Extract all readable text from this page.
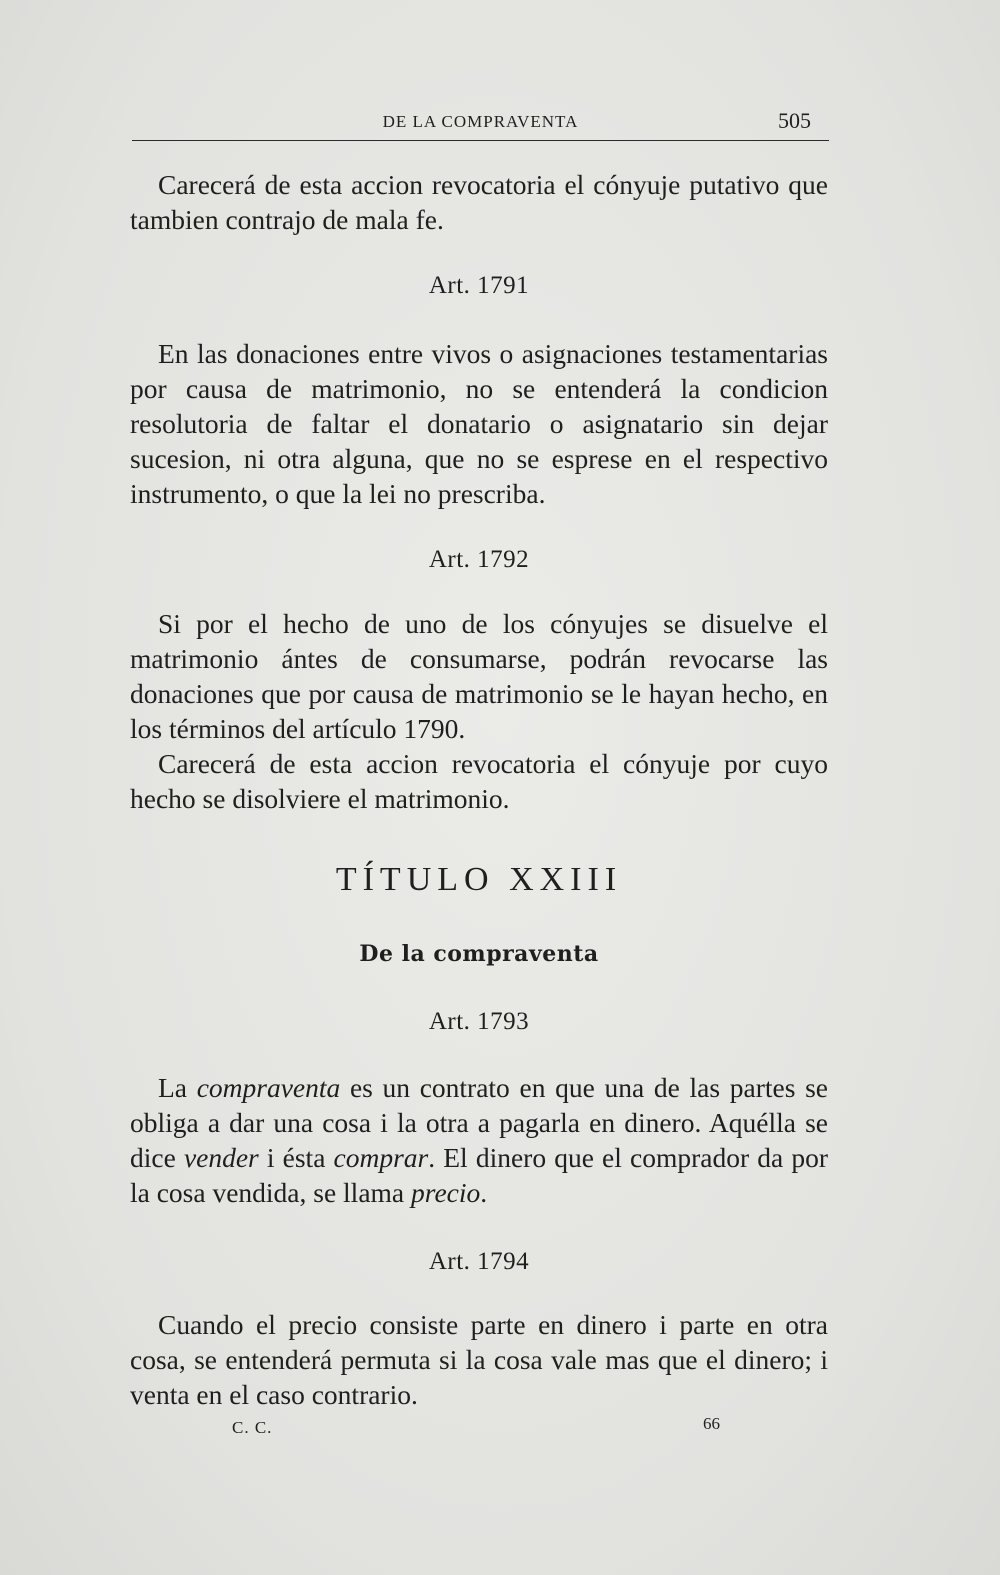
DE LA COMPRAVENTA	505

Carecerá de esta accion revocatoria el cónyuje putativo que tambien contrajo de mala fe.

Art. 1791

En las donaciones entre vivos o asignaciones testamentarias por causa de matrimonio, no se entenderá la condicion resolutoria de faltar el donatario o asignatario sin dejar sucesion, ni otra alguna, que no se esprese en el respectivo instrumento, o que la lei no prescriba.

Art. 1792

Si por el hecho de uno de los cónyujes se disuelve el matrimonio ántes de consumarse, podrán revocarse las donaciones que por causa de matrimonio se le hayan hecho, en los términos del artículo 1790.

Carecerá de esta accion revocatoria el cónyuje por cuyo hecho se disolviere el matrimonio.

TÍTULO XXIII
De la compraventa
Art. 1793

La compraventa es un contrato en que una de las partes se obliga a dar una cosa i la otra a pagarla en dinero. Aquélla se dice vender i ésta comprar. El dinero que el comprador da por la cosa vendida, se llama precio.

Art. 1794

Cuando el precio consiste parte en dinero i parte en otra cosa, se entenderá permuta si la cosa vale mas que el dinero; i venta en el caso contrario.

C. C.	66
